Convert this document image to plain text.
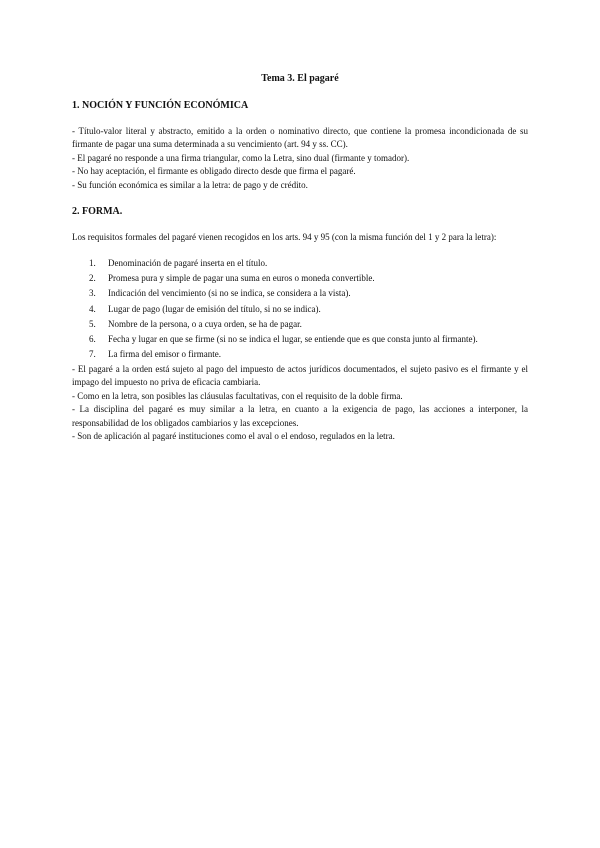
Tema 3. El pagaré
1. NOCIÓN Y FUNCIÓN ECONÓMICA

- Título-valor literal y abstracto, emitido a la orden o nominativo directo, que contiene la promesa incondicionada de su firmante de pagar una suma determinada a su vencimiento (art. 94 y ss. CC).

- El pagaré no responde a una firma triangular, como la Letra, sino dual (firmante y tomador).

- No hay aceptación, el firmante es obligado directo desde que firma el pagaré.

- Su función económica es similar a la letra: de pago y de crédito.

2. FORMA.

Los requisitos formales del pagaré vienen recogidos en los arts. 94 y 95 (con la misma función del 1 y 2 para la letra):

1. Denominación de pagaré inserta en el título.
2. Promesa pura y simple de pagar una suma en euros o moneda convertible.
3. Indicación del vencimiento (si no se indica, se considera a la vista).
4. Lugar de pago (lugar de emisión del título, si no se indica).
5. Nombre de la persona, o a cuya orden, se ha de pagar.
6. Fecha y lugar en que se firme (si no se indica el lugar, se entiende que es que consta junto al firmante).
7. La firma del emisor o firmante.

- El pagaré a la orden está sujeto al pago del impuesto de actos jurídicos documentados, el sujeto pasivo es el firmante y el impago del impuesto no priva de eficacia cambiaria.

- Como en la letra, son posibles las cláusulas facultativas, con el requisito de la doble firma.

- La disciplina del pagaré es muy similar a la letra, en cuanto a la exigencia de pago, las acciones a interponer, la responsabilidad de los obligados cambiarios y las excepciones.

- Son de aplicación al pagaré instituciones como el aval o el endoso, regulados en la letra.
